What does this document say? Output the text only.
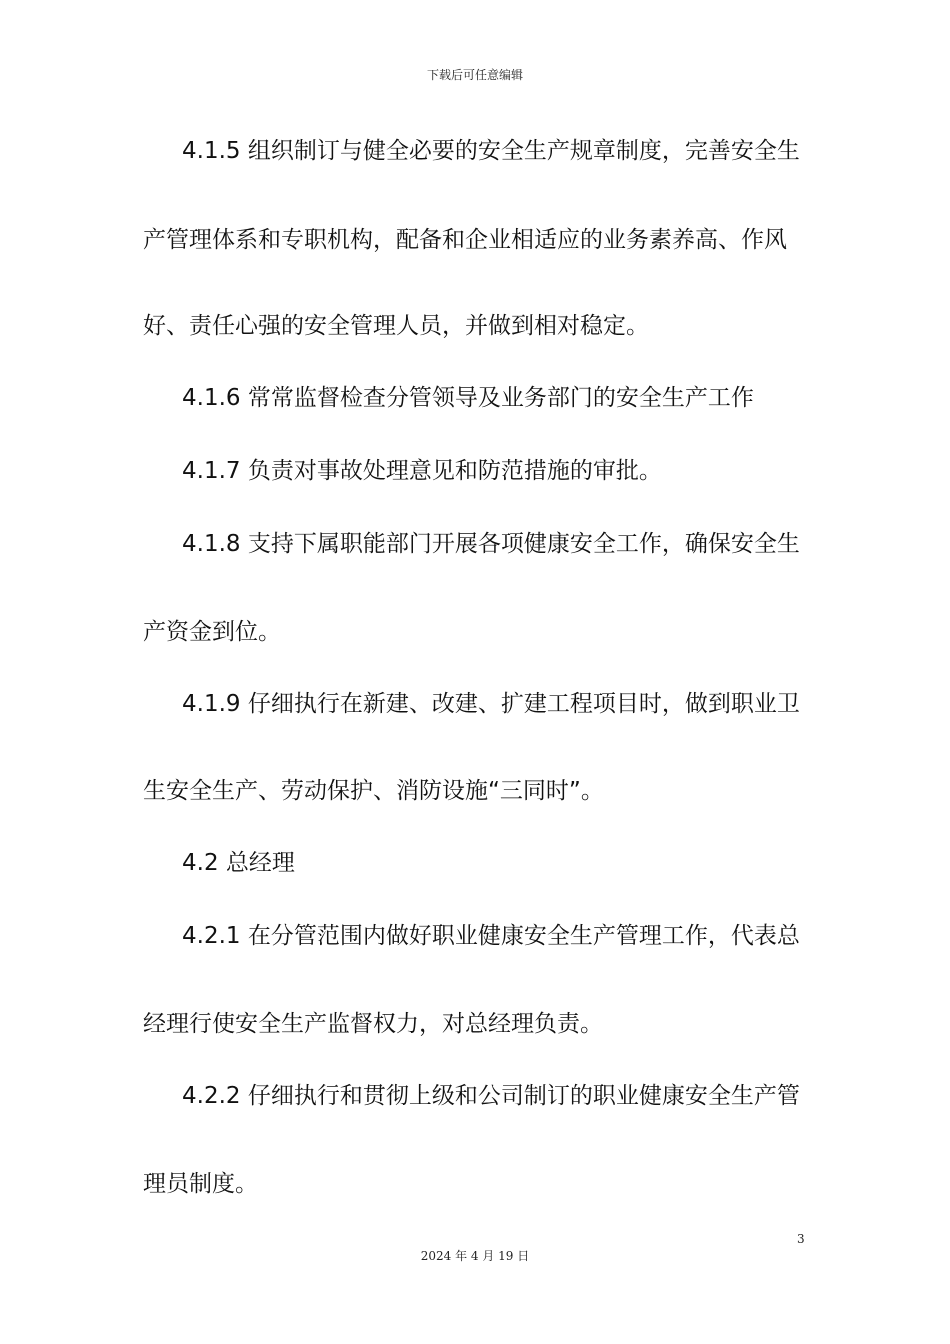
下载后可任意编辑
4.1.5 组织制订与健全必要的安全生产规章制度，完善安全生
产管理体系和专职机构，配备和企业相适应的业务素养高、作风
好、责任心强的安全管理人员，并做到相对稳定。
4.1.6 常常监督检查分管领导及业务部门的安全生产工作
4.1.7 负责对事故处理意见和防范措施的审批。
4.1.8 支持下属职能部门开展各项健康安全工作，确保安全生
产资金到位。
4.1.9 仔细执行在新建、改建、扩建工程项目时，做到职业卫
生安全生产、劳动保护、消防设施“三同时”。
4.2 总经理
4.2.1 在分管范围内做好职业健康安全生产管理工作，代表总
经理行使安全生产监督权力，对总经理负责。
4.2.2 仔细执行和贯彻上级和公司制订的职业健康安全生产管
理员制度。
3
2024 年 4 月 19 日
